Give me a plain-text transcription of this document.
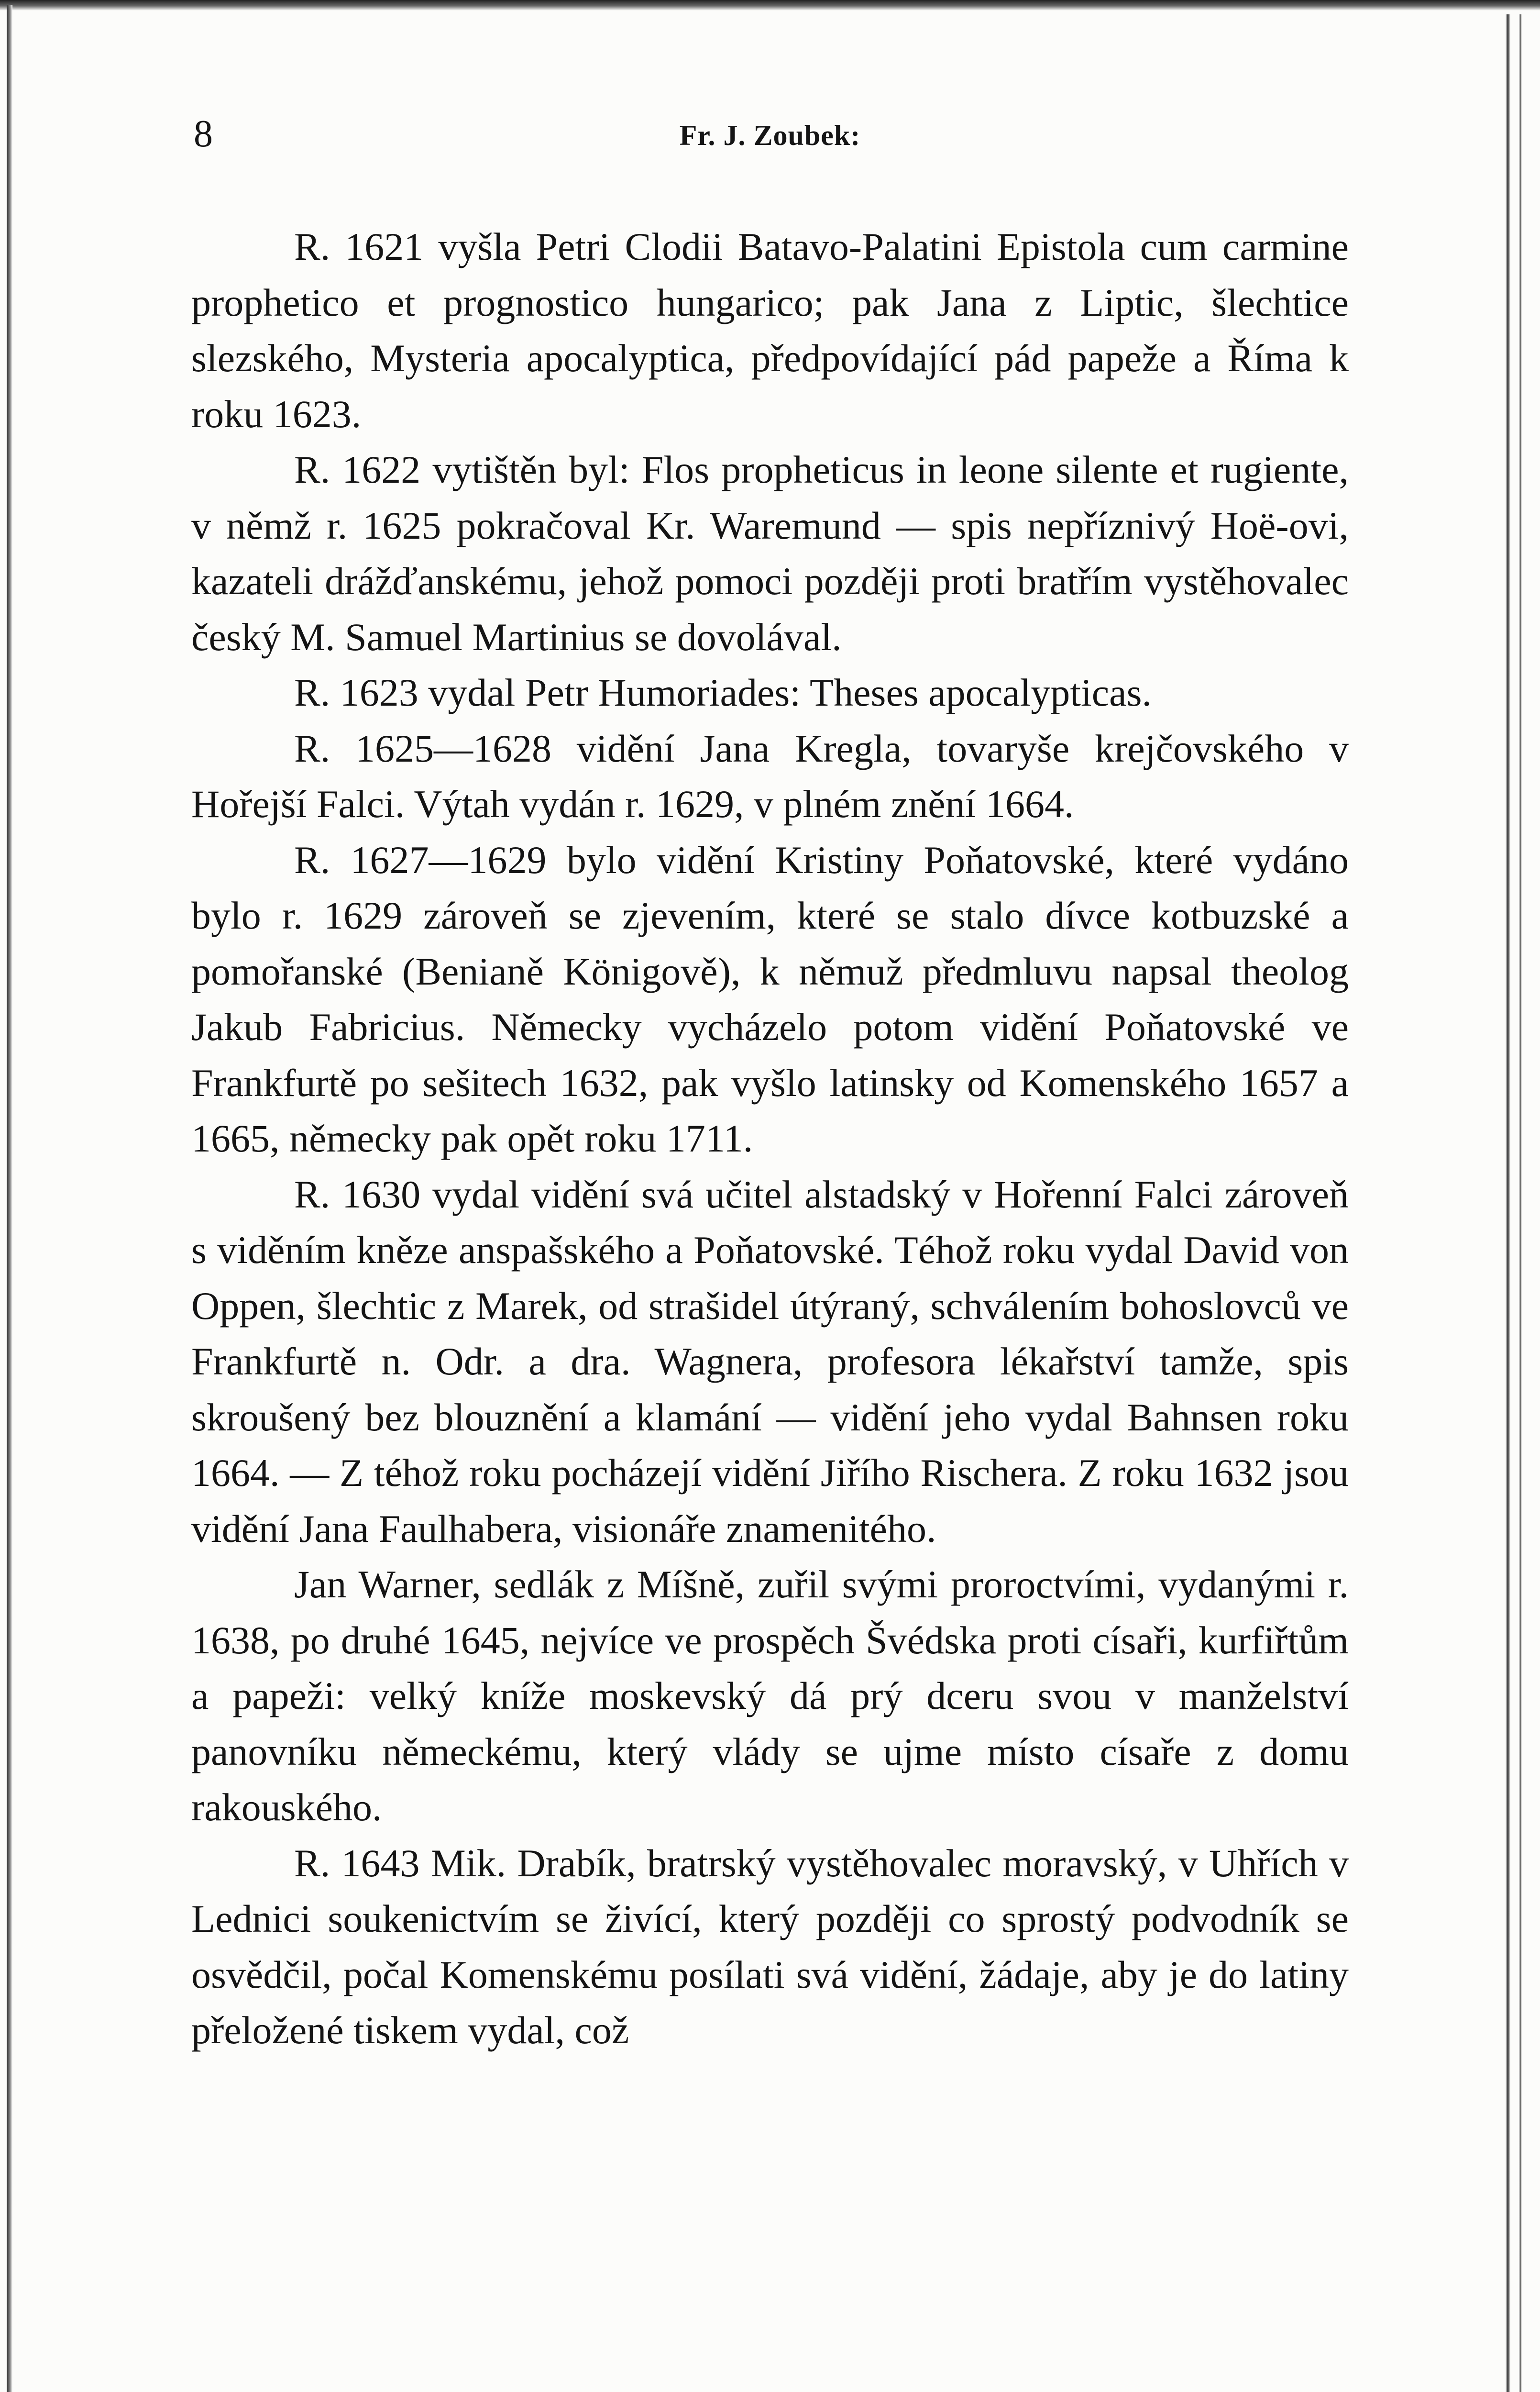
8	Fr. J. Zoubek:

R. 1621 vyšla Petri Clodii Batavo-Palatini Epistola cum carmine prophetico et prognostico hungarico; pak Jana z Liptic, šlechtice slezského, Mysteria apocalyptica, předpovídající pád papeže a Říma k roku 1623.

R. 1622 vytištěn byl: Flos propheticus in leone silente et rugiente, v němž r. 1625 pokračoval Kr. Waremund — spis nepříznivý Hoë-ovi, kazateli drážďanskému, jehož pomoci později proti bratřím vystěhovalec český M. Samuel Martinius se dovolával.

R. 1623 vydal Petr Humoriades: Theses apocalypticas.

R. 1625—1628 vidění Jana Kregla, tovaryše krejčovského v Hořejší Falci. Výtah vydán r. 1629, v plném znění 1664.

R. 1627—1629 bylo vidění Kristiny Poňatovské, které vydáno bylo r. 1629 zároveň se zjevením, které se stalo dívce kotbuzské a pomořanské (Benianě Königově), k němuž předmluvu napsal theolog Jakub Fabricius. Německy vycházelo potom vidění Poňatovské ve Frankfurtě po sešitech 1632, pak vyšlo latinsky od Komenského 1657 a 1665, německy pak opět roku 1711.

R. 1630 vydal vidění svá učitel alstadský v Hořenní Falci zároveň s viděním kněze anspašského a Poňatovské. Téhož roku vydal David von Oppen, šlechtic z Marek, od strašidel útýraný, schválením bohoslovců ve Frankfurtě n. Odr. a dra. Wagnera, profesora lékařství tamže, spis skroušený bez blouznění a klamání — vidění jeho vydal Bahnsen roku 1664. — Z téhož roku pocházejí vidění Jiřího Rischera. Z roku 1632 jsou vidění Jana Faulhabera, visionáře znamenitého.

Jan Warner, sedlák z Míšně, zuřil svými proroctvími, vydanými r. 1638, po druhé 1645, nejvíce ve prospěch Švédska proti císaři, kurfiřtům a papeži: velký kníže moskevský dá prý dceru svou v manželství panovníku německému, který vlády se ujme místo císaře z domu rakouského.

R. 1643 Mik. Drabík, bratrský vystěhovalec moravský, v Uhřích v Lednici soukenictvím se živící, který později co sprostý podvodník se osvědčil, počal Komenskému posílati svá vidění, žádaje, aby je do latiny přeložené tiskem vydal, což
